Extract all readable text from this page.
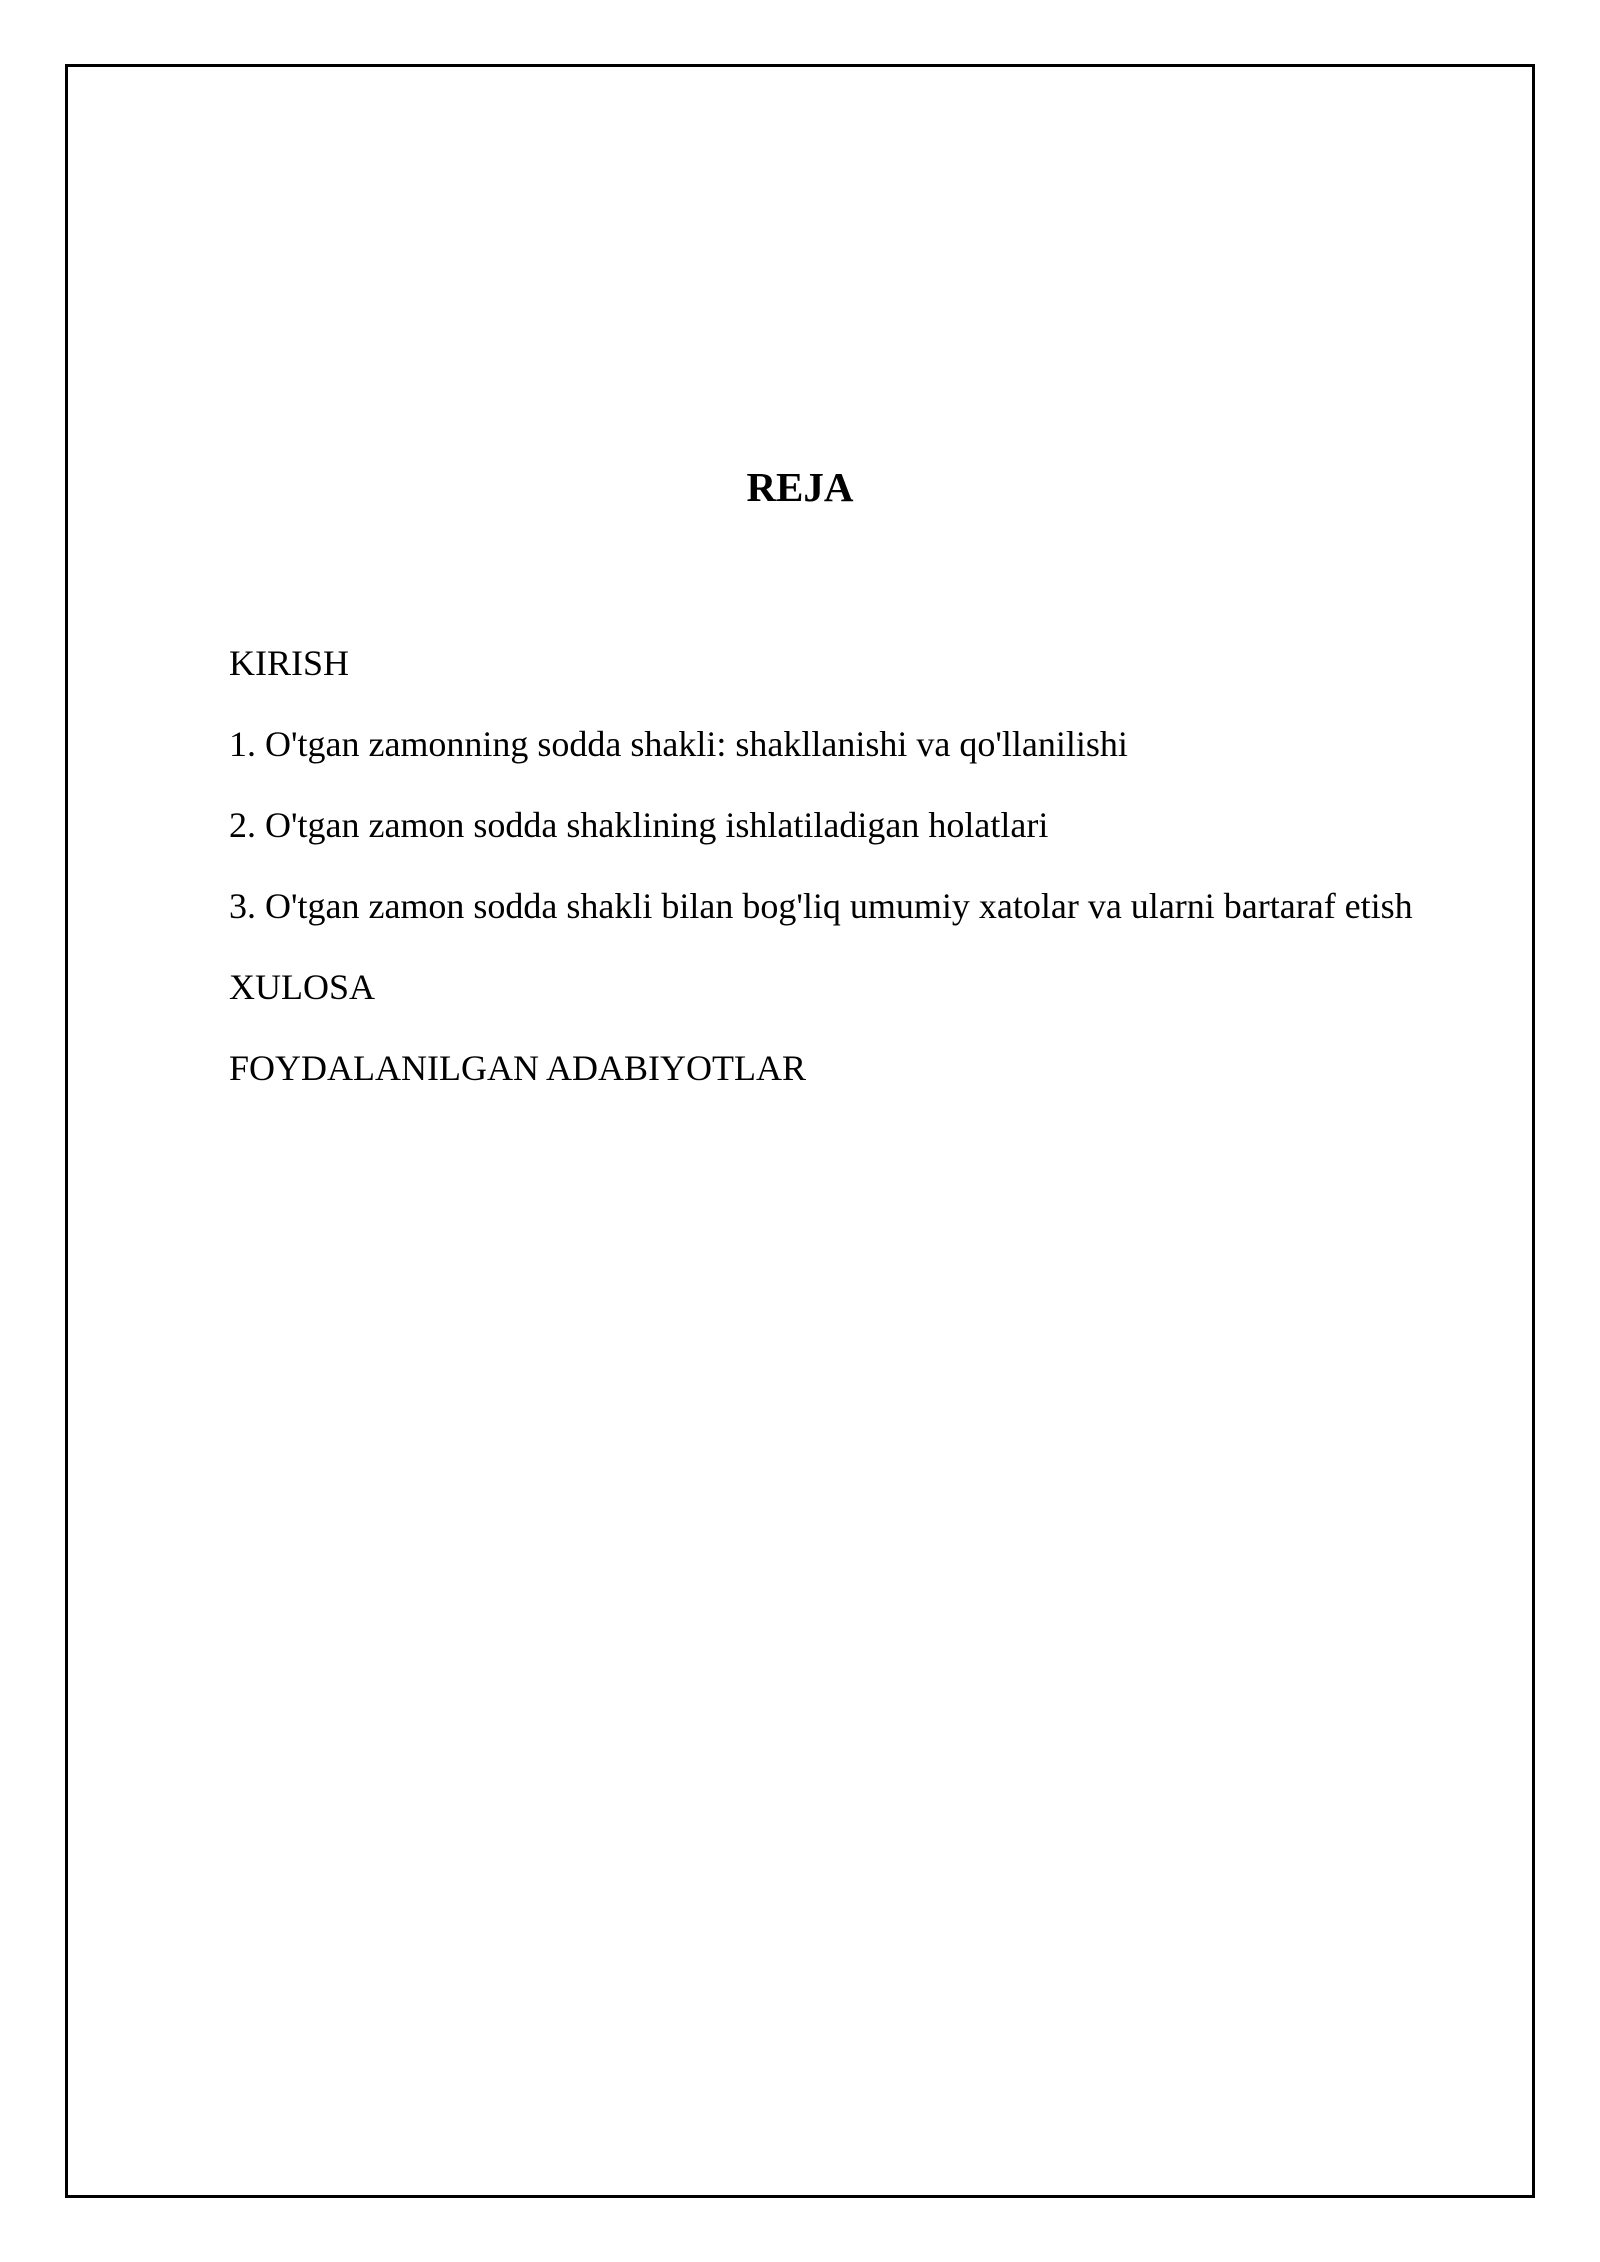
REJA
KIRISH
1. O'tgan zamonning sodda shakli: shakllanishi va qo'llanilishi
2. O'tgan zamon sodda shaklining ishlatiladigan holatlari
3. O'tgan zamon sodda shakli bilan bog'liq umumiy xatolar va ularni bartaraf etish
XULOSA
FOYDALANILGAN ADABIYOTLAR
